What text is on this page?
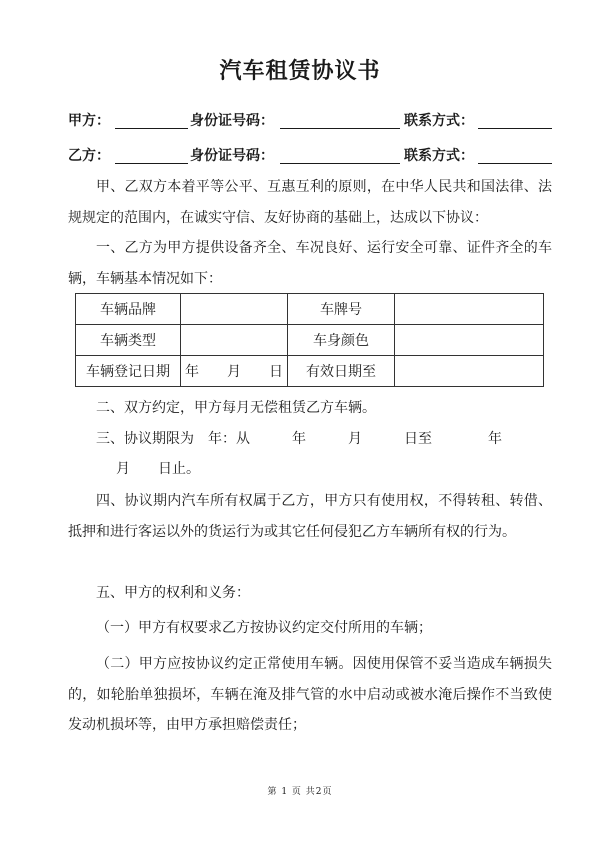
汽车租赁协议书
甲方：	身份证号码：	联系方式：
乙方：	身份证号码：	联系方式：

甲、乙双方本着平等公平、互惠互利的原则，在中华人民共和国法律、法规规定的范围内，在诚实守信、友好协商的基础上，达成以下协议：

一、乙方为甲方提供设备齐全、车况良好、运行安全可靠、证件齐全的车辆，车辆基本情况如下：

车辆品牌		车牌号	
车辆类型		车身颜色	
车辆登记日期	年　　月　　日	有效日期至	

二、双方约定，甲方每月无偿租赁乙方车辆。

三、协议期限为　年：从　　　年　　　月　　　日至　　　　年

月　　日止。

四、协议期内汽车所有权属于乙方，甲方只有使用权，不得转租、转借、抵押和进行客运以外的货运行为或其它任何侵犯乙方车辆所有权的行为。

五、甲方的权利和义务：

（一）甲方有权要求乙方按协议约定交付所用的车辆；

（二）甲方应按协议约定正常使用车辆。因使用保管不妥当造成车辆损失的，如轮胎单独损坏，车辆在淹及排气管的水中启动或被水淹后操作不当致使发动机损坏等，由甲方承担赔偿责任；

第 1 页 共2页
